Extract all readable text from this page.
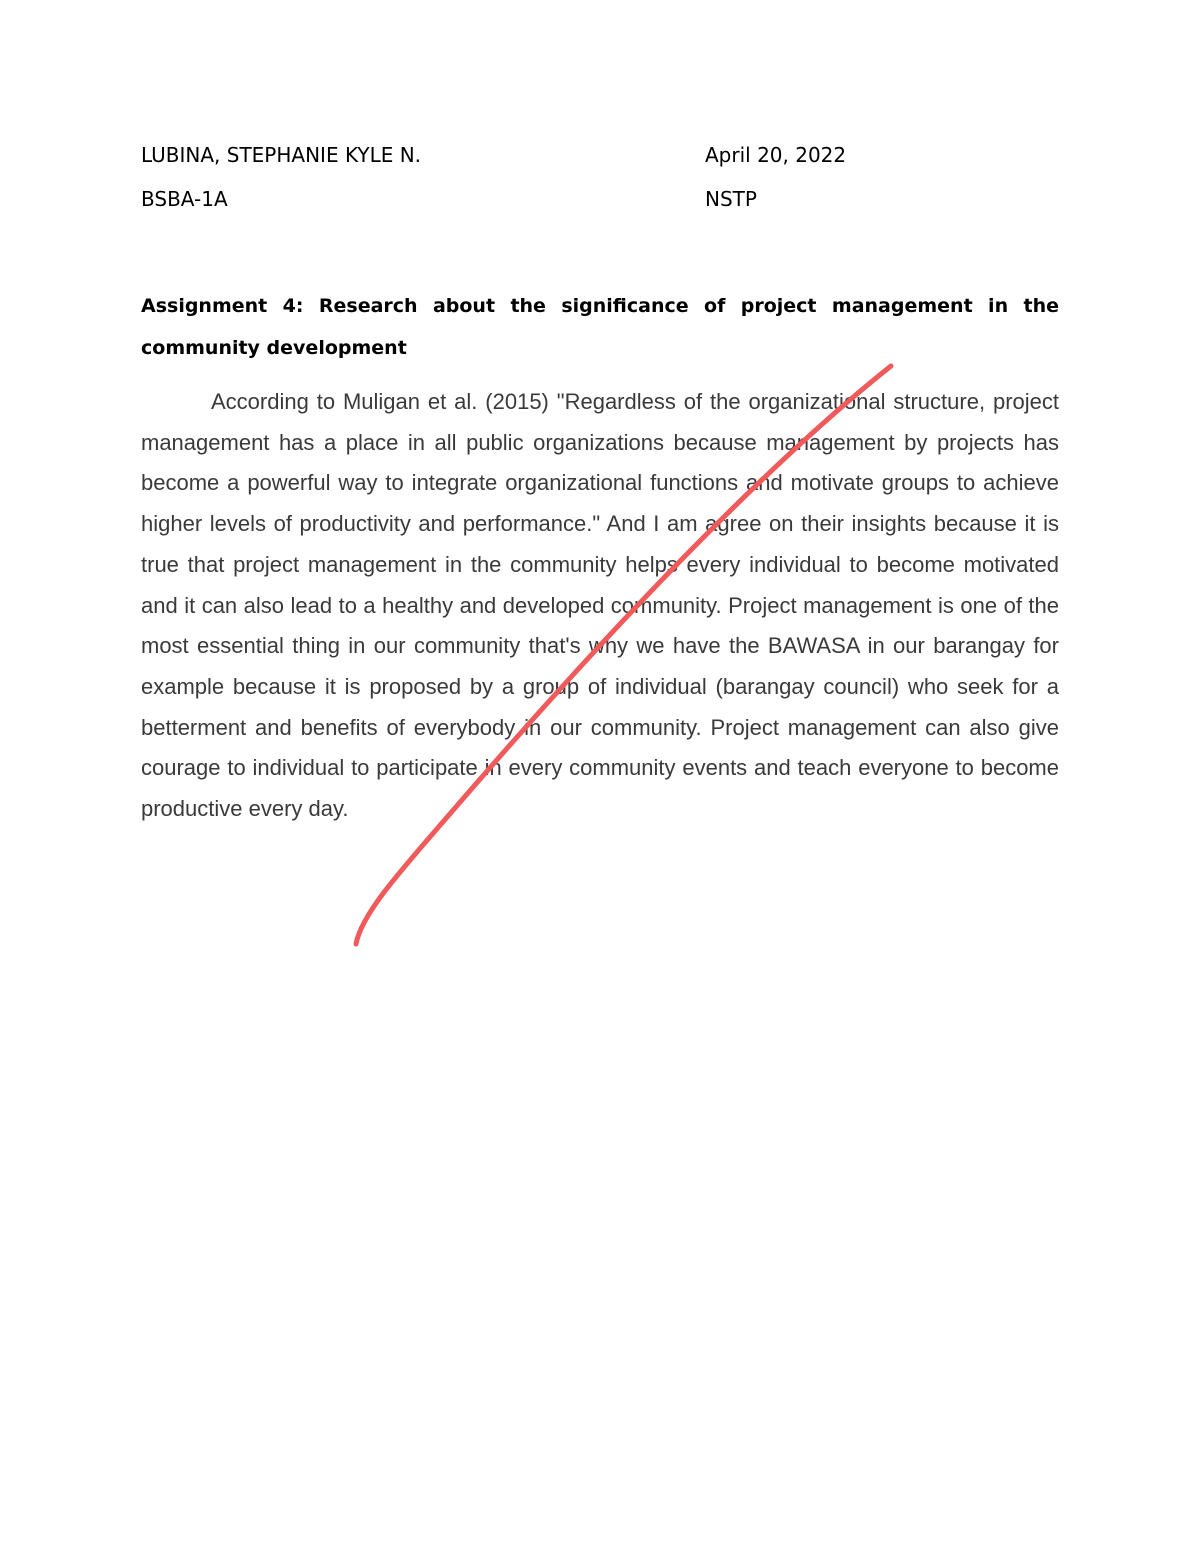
LUBINA, STEPHANIE KYLE N.	April 20, 2022
BSBA-1A	NSTP

Assignment 4: Research about the significance of project management in the community development

According to Muligan et al. (2015) "Regardless of the organizational structure, project management has a place in all public organizations because management by projects has become a powerful way to integrate organizational functions and motivate groups to achieve higher levels of productivity and performance." And I am agree on their insights because it is true that project management in the community helps every individual to become motivated and it can also lead to a healthy and developed community. Project management is one of the most essential thing in our community that's why we have the BAWASA in our barangay for example because it is proposed by a group of individual (barangay council) who seek for a betterment and benefits of everybody in our community. Project management can also give courage to individual to participate in every community events and teach everyone to become productive every day.
